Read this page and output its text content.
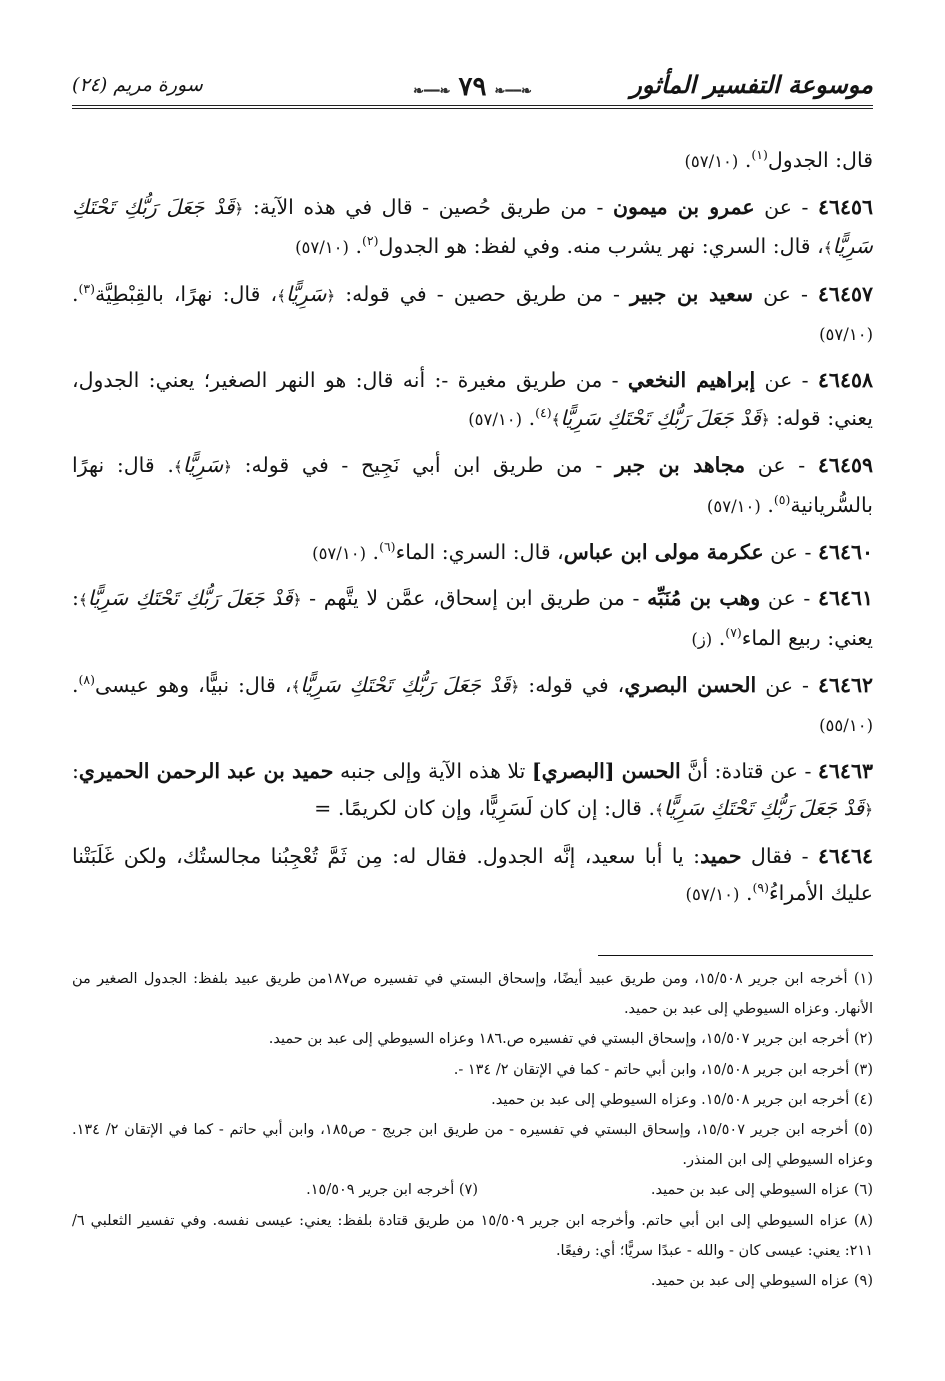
موسوعة التفسير المأثور
❧━━❧ ٧٩ ❧━━❧
سورة مريم (٢٤)

قال: الجدول$^{(١)}$. (٥٧/١٠)

٤٦٤٥٦ - عن عمرو بن ميمون - من طريق حُصين - قال في هذه الآية: ﴿قَدْ جَعَلَ رَبُّكِ تَحْتَكِ سَرِيًّا﴾، قال: السري: نهر يشرب منه. وفي لفظ: هو الجدول$^{(٢)}$. (٥٧/١٠)

٤٦٤٥٧ - عن سعيد بن جبير - من طريق حصين - في قوله: ﴿سَرِيًّا﴾، قال: نهرًا، بالقِبْطِيَّة$^{(٣)}$. (٥٧/١٠)

٤٦٤٥٨ - عن إبراهيم النخعي - من طريق مغيرة -: أنه قال: هو النهر الصغير؛ يعني: الجدول، يعني: قوله: ﴿قَدْ جَعَلَ رَبُّكِ تَحْتَكِ سَرِيًّا﴾$^{(٤)}$. (٥٧/١٠)

٤٦٤٥٩ - عن مجاهد بن جبر - من طريق ابن أبي نَجِيح - في قوله: ﴿سَرِيًّا﴾. قال: نهرًا بالسُّريانية$^{(٥)}$. (٥٧/١٠)

٤٦٤٦٠ - عن عكرمة مولى ابن عباس، قال: السري: الماء$^{(٦)}$. (٥٧/١٠)

٤٦٤٦١ - عن وهب بن مُنَبِّه - من طريق ابن إسحاق، عمَّن لا يتَّهم - ﴿قَدْ جَعَلَ رَبُّكِ تَحْتَكِ سَرِيًّا﴾: يعني: ربيع الماء$^{(٧)}$. (ز)

٤٦٤٦٢ - عن الحسن البصري، في قوله: ﴿قَدْ جَعَلَ رَبُّكِ تَحْتَكِ سَرِيًّا﴾، قال: نبيًّا، وهو عيسى$^{(٨)}$. (٥٥/١٠)

٤٦٤٦٣ - عن قتادة: أنَّ الحسن [البصري] تلا هذه الآية وإلى جنبه حميد بن عبد الرحمن الحميري: ﴿قَدْ جَعَلَ رَبُّكِ تَحْتَكِ سَرِيًّا﴾. قال: إن كان لَسَرِيًّا، وإن كان لكريمًا. =

٤٦٤٦٤ - فقال حميد: يا أبا سعيد، إنَّه الجدول. فقال له: مِن ثَمَّ تُعْجِبُنا مجالستُك، ولكن غَلَبَتْنا عليك الأمراءُ$^{(٩)}$. (٥٧/١٠)

(١) أخرجه ابن جرير ١٥/٥٠٨، ومن طريق عبيد أيضًا، وإسحاق البستي في تفسيره ص١٨٧من طريق عبيد بلفظ: الجدول الصغير من الأنهار. وعزاه السيوطي إلى عبد بن حميد.

(٢) أخرجه ابن جرير ١٥/٥٠٧، وإسحاق البستي في تفسيره ص.١٨٦ وعزاه السيوطي إلى عبد بن حميد.

(٣) أخرجه ابن جرير ١٥/٥٠٨، وابن أبي حاتم - كما في الإتقان ٢/ ١٣٤ -.

(٤) أخرجه ابن جرير ١٥/٥٠٨. وعزاه السيوطي إلى عبد بن حميد.

(٥) أخرجه ابن جرير ١٥/٥٠٧، وإسحاق البستي في تفسيره - من طريق ابن جريج - ص١٨٥، وابن أبي حاتم - كما في الإتقان ٢/ ١٣٤. وعزاه السيوطي إلى ابن المنذر.

(٦) عزاه السيوطي إلى عبد بن حميد.
(٧) أخرجه ابن جرير ١٥/٥٠٩.

(٨) عزاه السيوطي إلى ابن أبي حاتم. وأخرجه ابن جرير ١٥/٥٠٩ من طريق قتادة بلفظ: يعني: عيسى نفسه. وفي تفسير الثعلبي ٦/ ٢١١: يعني: عيسى كان - والله - عبدًا سريًّا؛ أي: رفيعًا.

(٩) عزاه السيوطي إلى عبد بن حميد.
